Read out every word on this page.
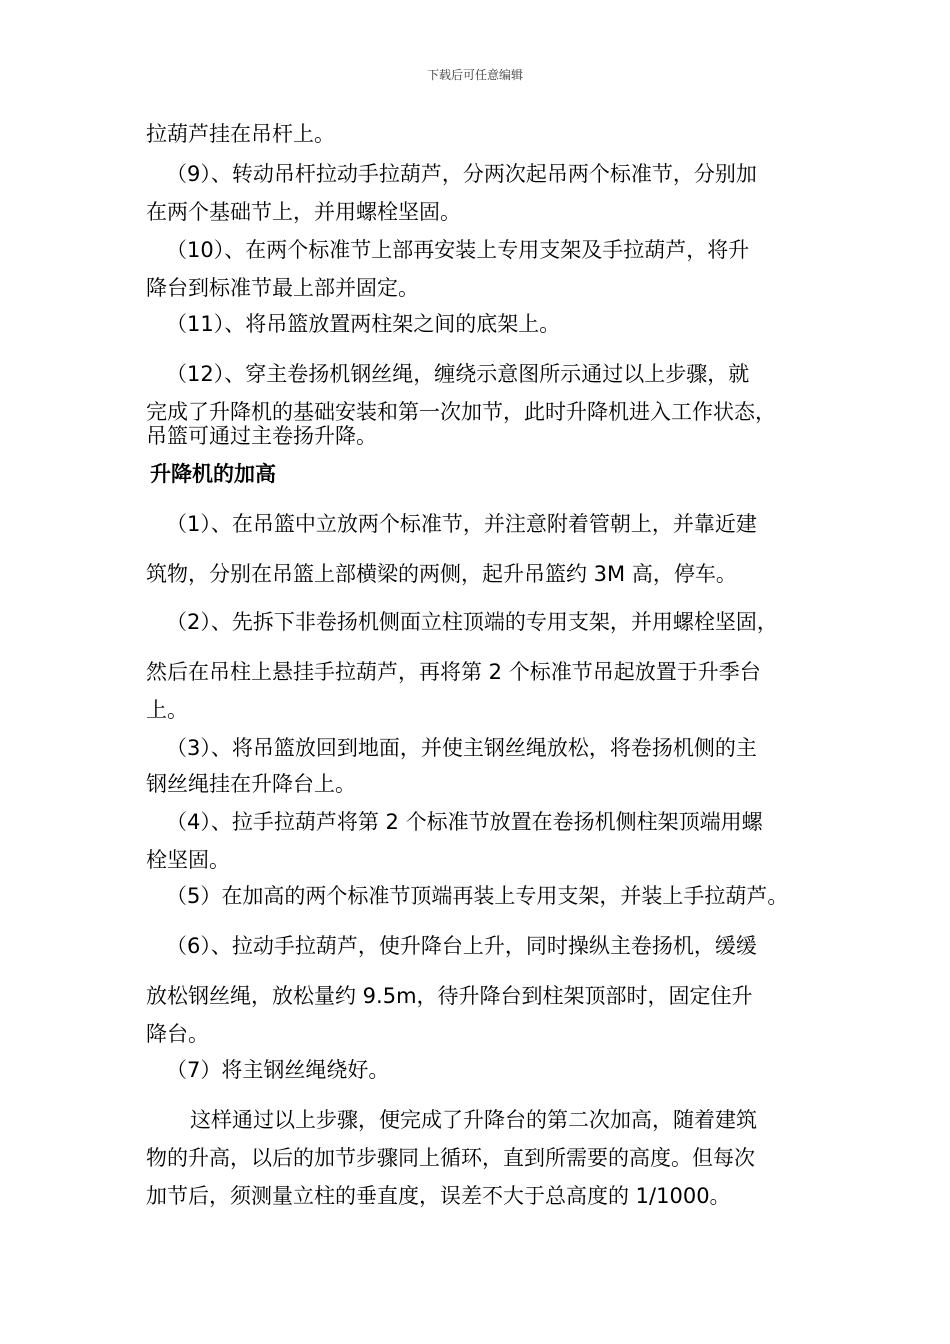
下载后可任意编辑
拉葫芦挂在吊杆上。
（9）、转动吊杆拉动手拉葫芦，分两次起吊两个标准节，分别加
在两个基础节上，并用螺栓坚固。
（10）、在两个标准节上部再安装上专用支架及手拉葫芦，将升
降台到标准节最上部并固定。
（11）、将吊篮放置两柱架之间的底架上。
（12）、穿主卷扬机钢丝绳，缠绕示意图所示通过以上步骤，就
完成了升降机的基础安装和第一次加节，此时升降机进入工作状态，
吊篮可通过主卷扬升降。
升降机的加高
（1）、在吊篮中立放两个标准节，并注意附着管朝上，并靠近建
筑物，分别在吊篮上部横梁的两侧，起升吊篮约 3M 高，停车。
（2）、先拆下非卷扬机侧面立柱顶端的专用支架，并用螺栓坚固，
然后在吊柱上悬挂手拉葫芦，再将第 2 个标准节吊起放置于升季台
上。
（3）、将吊篮放回到地面，并使主钢丝绳放松，将卷扬机侧的主
钢丝绳挂在升降台上。
（4）、拉手拉葫芦将第 2 个标准节放置在卷扬机侧柱架顶端用螺
栓坚固。
（5）在加高的两个标准节顶端再装上专用支架，并装上手拉葫芦。
（6）、拉动手拉葫芦，使升降台上升，同时操纵主卷扬机，缓缓
放松钢丝绳，放松量约 9.5m，待升降台到柱架顶部时，固定住升
降台。
（7）将主钢丝绳绕好。
这样通过以上步骤，便完成了升降台的第二次加高，随着建筑
物的升高，以后的加节步骤同上循环，直到所需要的高度。但每次
加节后，须测量立柱的垂直度，误差不大于总高度的 1/1000。
